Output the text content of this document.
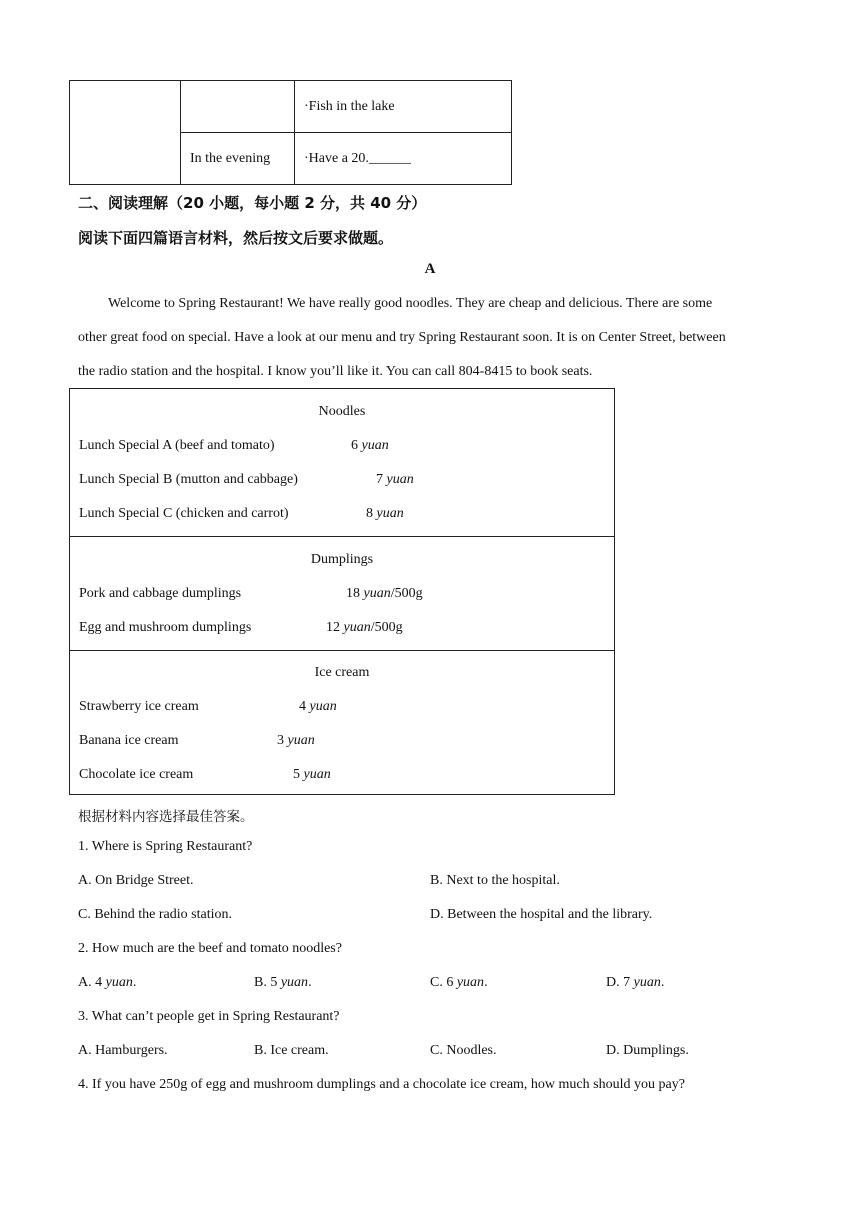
		·Fish in the lake
	In the evening	·Have a 20.______
二、阅读理解（20 小题，每小题 2 分，共 40 分）
阅读下面四篇语言材料，然后按文后要求做题。
A
Welcome to Spring Restaurant! We have really good noodles. They are cheap and delicious. There are some
other great food on special. Have a look at our menu and try Spring Restaurant soon. It is on Center Street, between
the radio station and the hospital. I know you’ll like it. You can call 804-8415 to book seats.
Noodles
Lunch Special A (beef and tomato)	6 yuan
Lunch Special B (mutton and cabbage)	7 yuan
Lunch Special C (chicken and carrot)	8 yuan
Dumplings
Pork and cabbage dumplings	18 yuan/500g
Egg and mushroom dumplings	12 yuan/500g
Ice cream
Strawberry ice cream	4 yuan
Banana ice cream	3 yuan
Chocolate ice cream	5 yuan
根据材料内容选择最佳答案。
1. Where is Spring Restaurant?
A. On Bridge Street.	B. Next to the hospital.
C. Behind the radio station.	D. Between the hospital and the library.
2. How much are the beef and tomato noodles?
A. 4 yuan.	B. 5 yuan.	C. 6 yuan.	D. 7 yuan.
3. What can’t people get in Spring Restaurant?
A. Hamburgers.	B. Ice cream.	C. Noodles.	D. Dumplings.
4. If you have 250g of egg and mushroom dumplings and a chocolate ice cream, how much should you pay?
